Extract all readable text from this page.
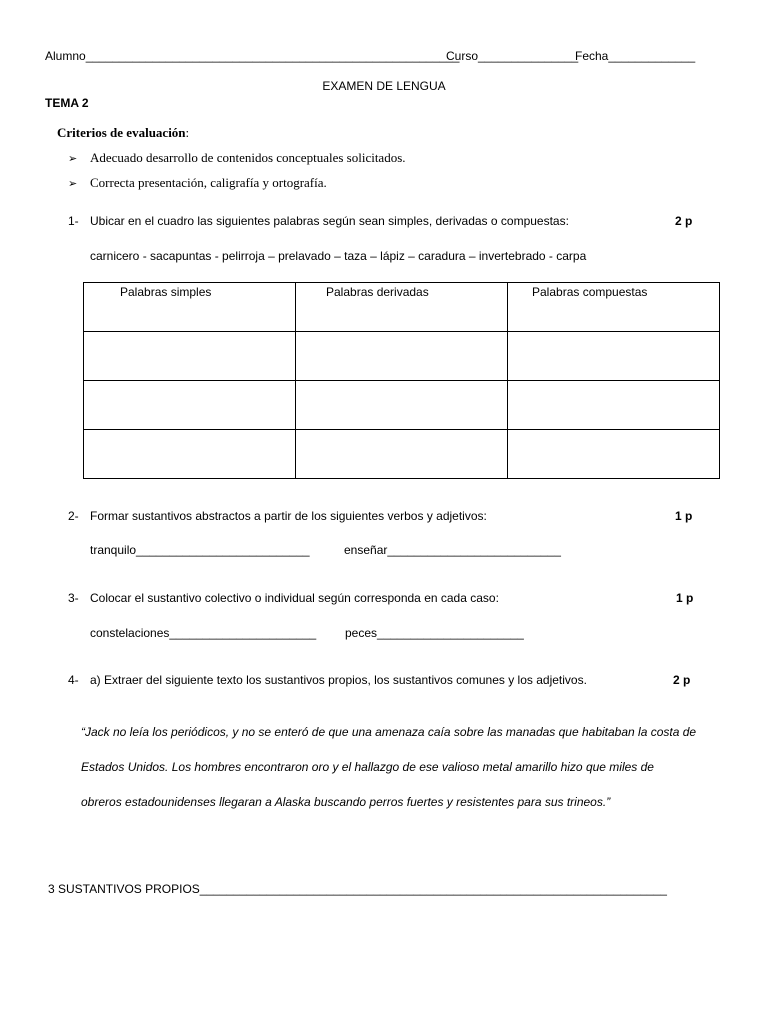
Alumno________________________________________________________
Curso_______________
Fecha_____________
EXAMEN DE LENGUA
TEMA 2
Criterios de evaluación:
➢ Adecuado desarrollo de contenidos conceptuales solicitados.
➢ Correcta presentación, caligrafía y ortografía.
1- Ubicar en el cuadro las siguientes palabras según sean simples, derivadas o compuestas:	2 p
carnicero - sacapuntas - pelirroja – prelavado – taza – lápiz – caradura – invertebrado - carpa
Palabras simples	Palabras derivadas	Palabras compuestas

2- Formar sustantivos abstractos a partir de los siguientes verbos y adjetivos:	1 p
tranquilo__________________________	enseñar__________________________
3- Colocar el sustantivo colectivo o individual según corresponda en cada caso:	1 p
constelaciones______________________ peces______________________
4- a) Extraer del siguiente texto los sustantivos propios, los sustantivos comunes y los adjetivos.	2 p
“Jack no leía los periódicos, y no se enteró de que una amenaza caía sobre las manadas que habitaban la costa de
Estados Unidos. Los hombres encontraron oro y el hallazgo de ese valioso metal amarillo hizo que miles de
obreros estadounidenses llegaran a Alaska buscando perros fuertes y resistentes para sus trineos.”
3 SUSTANTIVOS PROPIOS______________________________________________________________________
